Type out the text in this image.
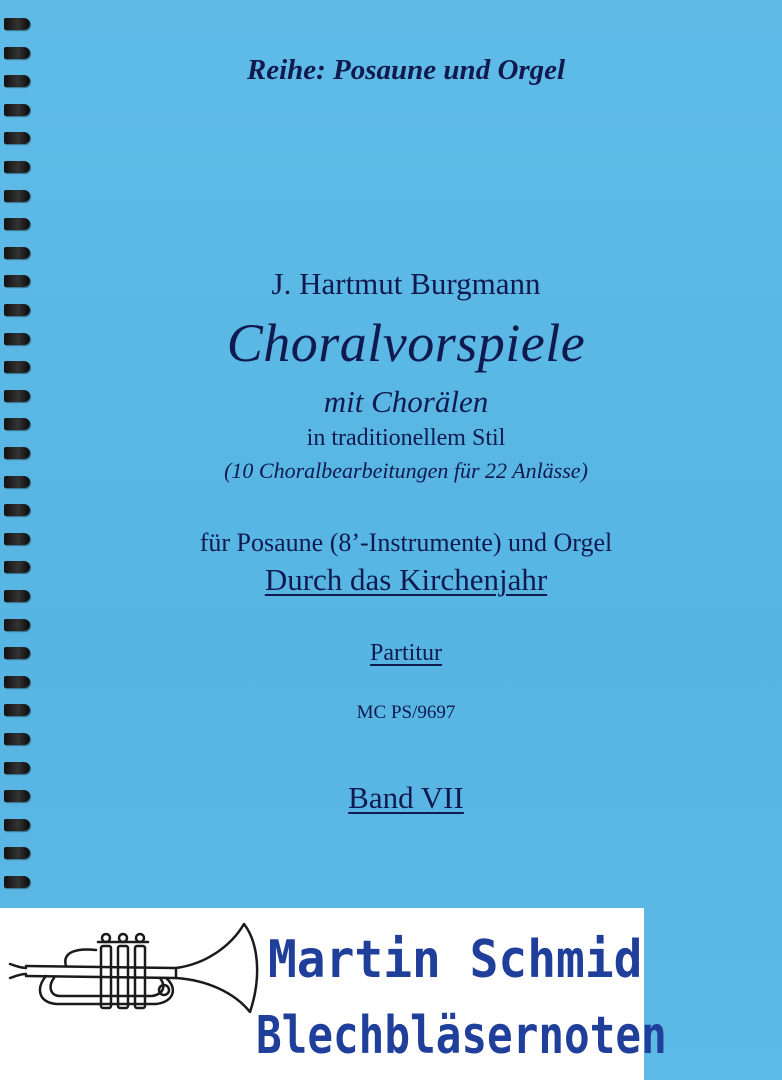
Reihe: Posaune und Orgel
J. Hartmut Burgmann
Choralvorspiele
mit Chorälen
in traditionellem Stil
(10 Choralbearbeitungen für 22 Anlässe)
für Posaune (8’-Instrumente) und Orgel
Durch das Kirchenjahr
Partitur
MC PS/9697
Band VII
Martin Schmid
Blechbläsernoten
